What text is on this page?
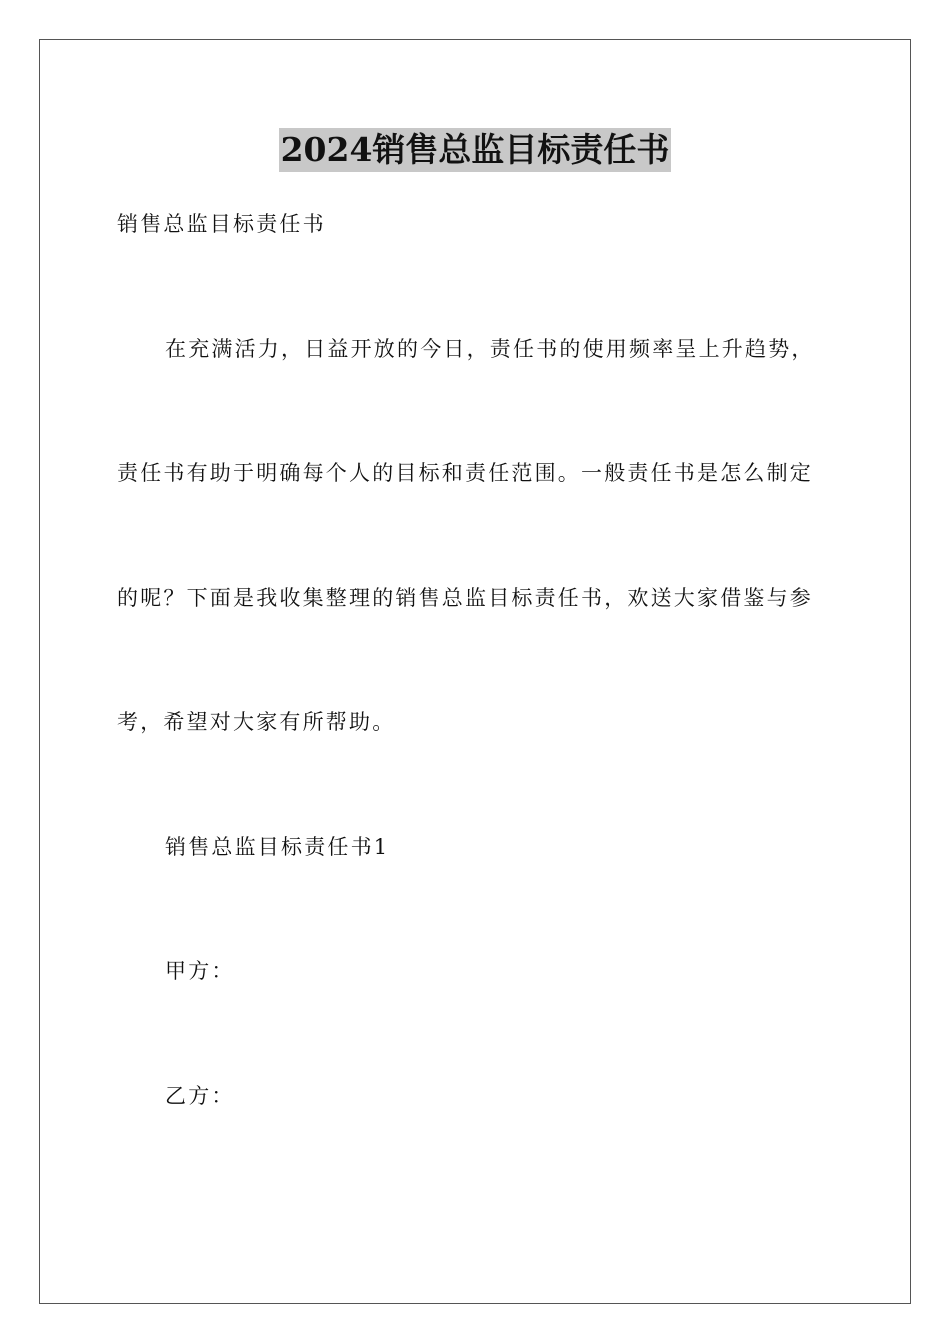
2024销售总监目标责任书
销售总监目标责任书
在充满活力，日益开放的今日，责任书的使用频率呈上升趋势，
责任书有助于明确每个人的目标和责任范围。一般责任书是怎么制定
的呢？下面是我收集整理的销售总监目标责任书，欢送大家借鉴与参
考，希望对大家有所帮助。
销售总监目标责任书1
甲方：
乙方：
